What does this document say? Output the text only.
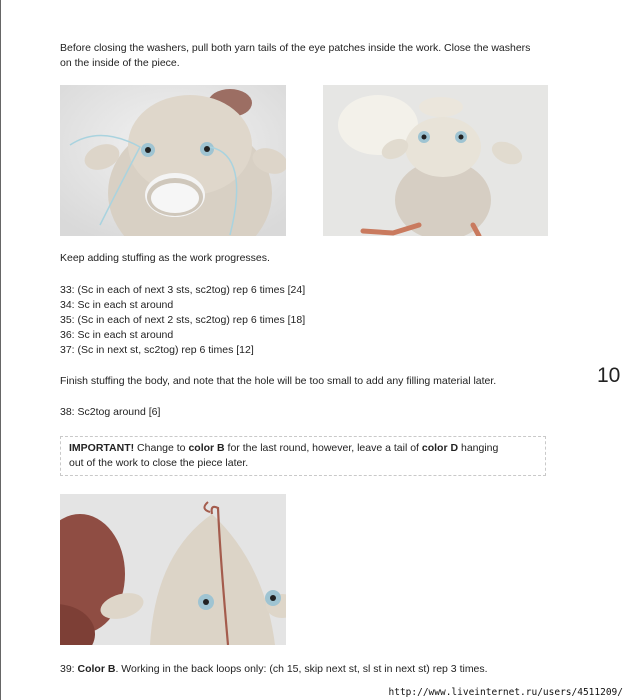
Before closing the washers, pull both yarn tails of the eye patches inside the work. Close the washers
on the inside of the piece.
Keep adding stuffing as the work progresses.
33: (Sc in each of next 3 sts, sc2tog) rep 6 times [24]
34: Sc in each st around
35: (Sc in each of next 2 sts, sc2tog) rep 6 times [18]
36: Sc in each st around
37: (Sc in next st, sc2tog) rep 6 times [12]
Finish stuffing the body, and note that the hole will be too small to add any filling material later.	10
38: Sc2tog around [6]
IMPORTANT! Change to color B for the last round, however, leave a tail of color D hanging
out of the work to close the piece later.
39: Color B. Working in the back loops only: (ch 15, skip next st, sl st in next st) rep 3 times.
http://www.liveinternet.ru/users/4511209/
